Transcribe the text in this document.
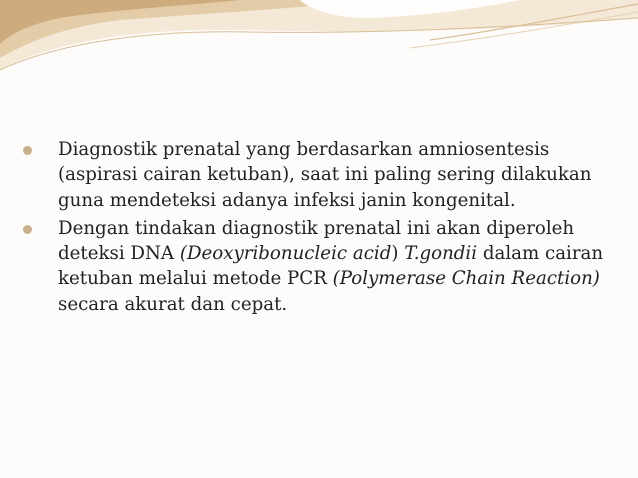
Diagnostik prenatal yang berdasarkan amniosentesis (aspirasi cairan ketuban), saat ini paling sering dilakukan guna mendeteksi adanya infeksi janin kongenital.
Dengan tindakan diagnostik prenatal ini akan diperoleh deteksi DNA (Deoxyribonucleic acid) T.gondii dalam cairan ketuban melalui metode PCR (Polymerase Chain Reaction) secara akurat dan cepat.
